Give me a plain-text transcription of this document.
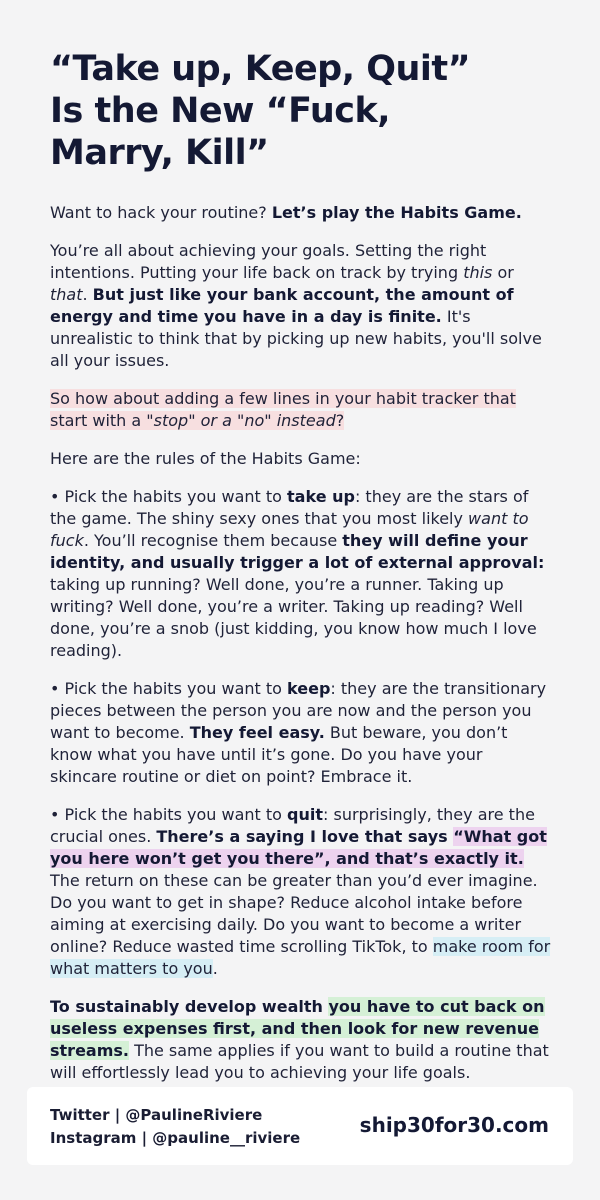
“Take up, Keep, Quit”
Is the New “Fuck,
Marry, Kill”

Want to hack your routine? Let’s play the Habits Game.

You’re all about achieving your goals. Setting the right intentions. Putting your life back on track by trying this or that. But just like your bank account, the amount of energy and time you have in a day is finite. It's unrealistic to think that by picking up new habits, you'll solve all your issues.

So how about adding a few lines in your habit tracker that start with a "stop" or a "no" instead?

Here are the rules of the Habits Game:

• Pick the habits you want to take up: they are the stars of the game. The shiny sexy ones that you most likely want to fuck. You’ll recognise them because they will define your identity, and usually trigger a lot of external approval: taking up running? Well done, you’re a runner. Taking up writing? Well done, you’re a writer. Taking up reading? Well done, you’re a snob (just kidding, you know how much I love reading).

• Pick the habits you want to keep: they are the transitionary pieces between the person you are now and the person you want to become. They feel easy. But beware, you don’t know what you have until it’s gone. Do you have your skincare routine or diet on point? Embrace it.

• Pick the habits you want to quit: surprisingly, they are the crucial ones. There’s a saying I love that says “What got you here won’t get you there”, and that’s exactly it. The return on these can be greater than you’d ever imagine. Do you want to get in shape? Reduce alcohol intake before aiming at exercising daily. Do you want to become a writer online? Reduce wasted time scrolling TikTok, to make room for what matters to you.

To sustainably develop wealth you have to cut back on useless expenses first, and then look for new revenue streams. The same applies if you want to build a routine that will effortlessly lead you to achieving your life goals.

Twitter | @PaulineRiviere
Instagram | @pauline__riviere
ship30for30.com
